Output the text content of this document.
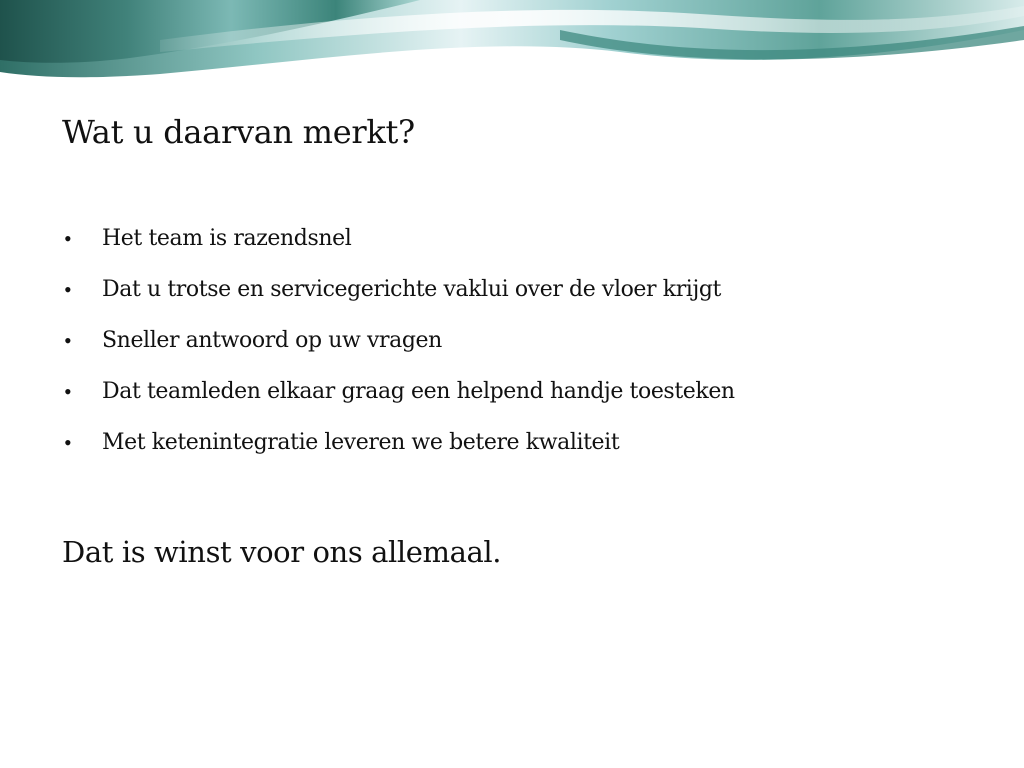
Wat u daarvan merkt?
•	Het team is razendsnel
•	Dat u trotse en servicegerichte vaklui over de vloer krijgt
•	Sneller antwoord op uw vragen
•	Dat teamleden elkaar graag een helpend handje toesteken
•	Met ketenintegratie leveren we betere kwaliteit

Dat is winst voor ons allemaal.
